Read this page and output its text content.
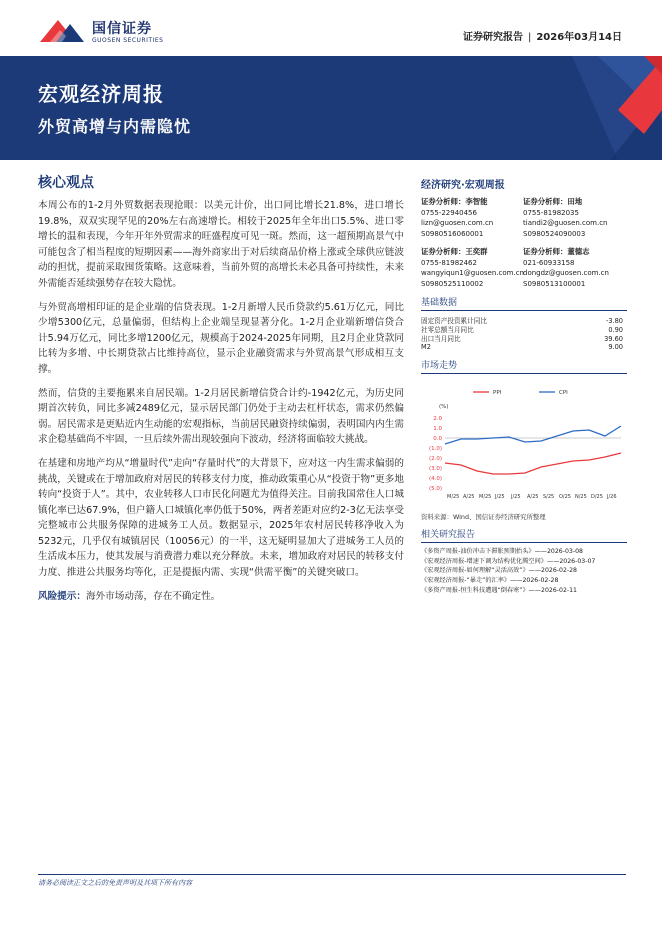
国信证券
GUOSEN SECURITIES	证券研究报告 | 2026年03月14日
宏观经济周报
外贸高增与内需隐忧
核心观点

本周公布的1-2月外贸数据表现抢眼：以美元计价，出口同比增长21.8%，进口增长19.8%，双双实现罕见的20%左右高速增长。相较于2025年全年出口5.5%、进口零增长的温和表现，今年开年外贸需求的旺盛程度可见一斑。然而，这一超预期高景气中可能包含了相当程度的短期因素——海外商家出于对后续商品价格上涨或全球供应链波动的担忧，提前采取囤货策略。这意味着，当前外贸的高增长未必具备可持续性，未来外需能否延续强势存在较大隐忧。

与外贸高增相印证的是企业端的信贷表现。1-2月新增人民币贷款约5.61万亿元，同比少增5300亿元，总量偏弱，但结构上企业端呈现显著分化。1-2月企业端新增信贷合计5.94万亿元，同比多增1200亿元，规模高于2024-2025年同期，且2月企业贷款同比转为多增、中长期贷款占比维持高位，显示企业融资需求与外贸高景气形成相互支撑。

然而，信贷的主要拖累来自居民端。1-2月居民新增信贷合计约-1942亿元，为历史同期首次转负，同比多减2489亿元，显示居民部门仍处于主动去杠杆状态，需求仍然偏弱。居民需求是更贴近内生动能的宏观指标，当前居民融资持续偏弱，表明国内内生需求企稳基础尚不牢固，一旦后续外需出现较强向下波动，经济将面临较大挑战。

在基建和房地产均从“增量时代”走向“存量时代”的大背景下，应对这一内生需求偏弱的挑战，关键或在于增加政府对居民的转移支付力度，推动政策重心从“投资于物”更多地转向“投资于人”。其中，农业转移人口市民化问题尤为值得关注。目前我国常住人口城镇化率已达67.9%，但户籍人口城镇化率仍低于50%，两者差距对应约2-3亿无法享受完整城市公共服务保障的进城务工人员。数据显示，2025年农村居民转移净收入为5232元，几乎仅有城镇居民（10056元）的一半，这无疑明显加大了进城务工人员的生活成本压力，使其发展与消费潜力难以充分释放。未来，增加政府对居民的转移支付力度、推进公共服务均等化，正是提振内需、实现“供需平衡”的关键突破口。

风险提示：海外市场动荡，存在不确定性。

经济研究·宏观周报
证券分析师：李智能
0755-22940456
lizn@guosen.com.cn
S0980516060001
证券分析师：田地
0755-81982035
tiandi2@guosen.com.cn
S0980524090003
证券分析师：王奕群
0755-81982462
wangyiqun1@guosen.com.cn
S0980525110002
证券分析师：董德志
021-60933158
dongdz@guosen.com.cn
S0980513100001
基础数据
固定资产投资累计同比	-3.80
社零总额当月同比	0.90
出口当月同比	39.60
M2	9.00
市场走势
(%)
2.0
1.0
0.0
(1.0)
(2.0)
(3.0)
(4.0)
(5.0)
M/25 A/25 M/25 J/25 J/25 A/25 S/25 O/25 N/25 D/25 J/26
PPI	CPI
资料来源：Wind、国信证券经济研究所整理
相关研究报告
《多资产周报-油价冲击下滞胀预期抬头》——2026-03-08
《宏观经济周报-增速下调为结构优化腾空间》——2026-03-07
《宏观经济周报-如何理解“灵活高效”》——2026-02-28
《宏观经济周报-“暴走”的汇率》——2026-02-28
《多资产周报-恒生科技遭遇“倒春寒”》——2026-02-11
请务必阅读正文之后的免责声明及其项下所有内容
